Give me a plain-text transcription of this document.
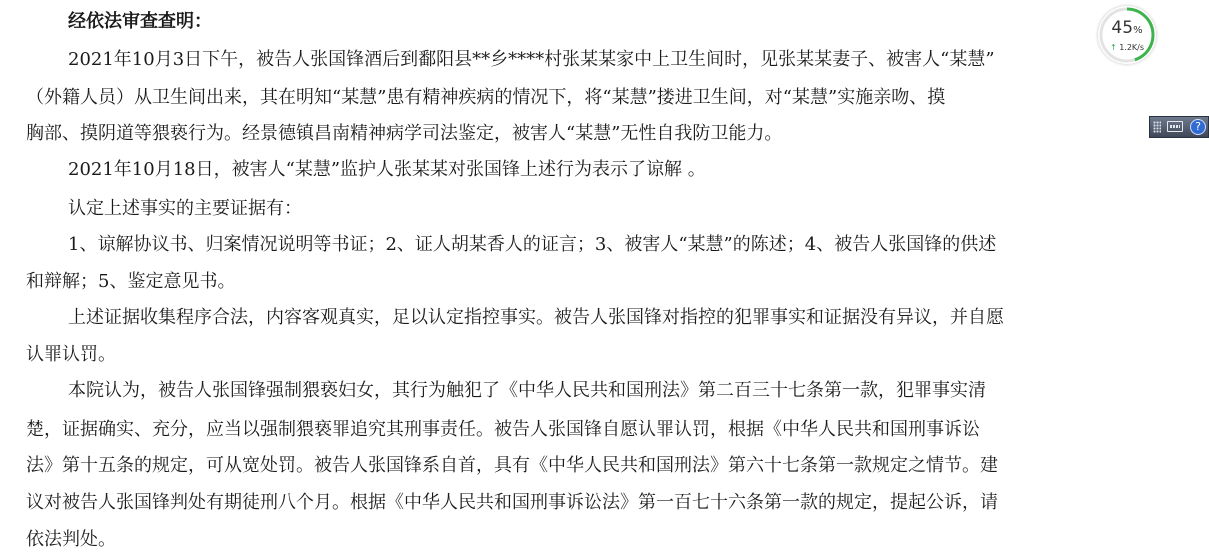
经依法审查查明：
2021年10月3日下午，被告人张国锋酒后到鄱阳县**乡****村张某某家中上卫生间时，见张某某妻子、被害人“某慧”
（外籍人员）从卫生间出来，其在明知“某慧”患有精神疾病的情况下，将“某慧”搂进卫生间，对“某慧”实施亲吻、摸
胸部、摸阴道等猥亵行为。经景德镇昌南精神病学司法鉴定，被害人“某慧”无性自我防卫能力。
2021年10月18日，被害人“某慧”监护人张某某对张国锋上述行为表示了谅解 。
认定上述事实的主要证据有：
1、谅解协议书、归案情况说明等书证；2、证人胡某香人的证言；3、被害人“某慧”的陈述；4、被告人张国锋的供述
和辩解；5、鉴定意见书。
上述证据收集程序合法，内容客观真实，足以认定指控事实。被告人张国锋对指控的犯罪事实和证据没有异议，并自愿
认罪认罚。
本院认为，被告人张国锋强制猥亵妇女，其行为触犯了《中华人民共和国刑法》第二百三十七条第一款，犯罪事实清
楚，证据确实、充分，应当以强制猥亵罪追究其刑事责任。被告人张国锋自愿认罪认罚，根据《中华人民共和国刑事诉讼
法》第十五条的规定，可从宽处罚。被告人张国锋系自首，具有《中华人民共和国刑法》第六十七条第一款规定之情节。建
议对被告人张国锋判处有期徒刑八个月。根据《中华人民共和国刑事诉讼法》第一百七十六条第一款的规定，提起公诉，请
依法判处。
45%
↑ 1.2K/s
?
